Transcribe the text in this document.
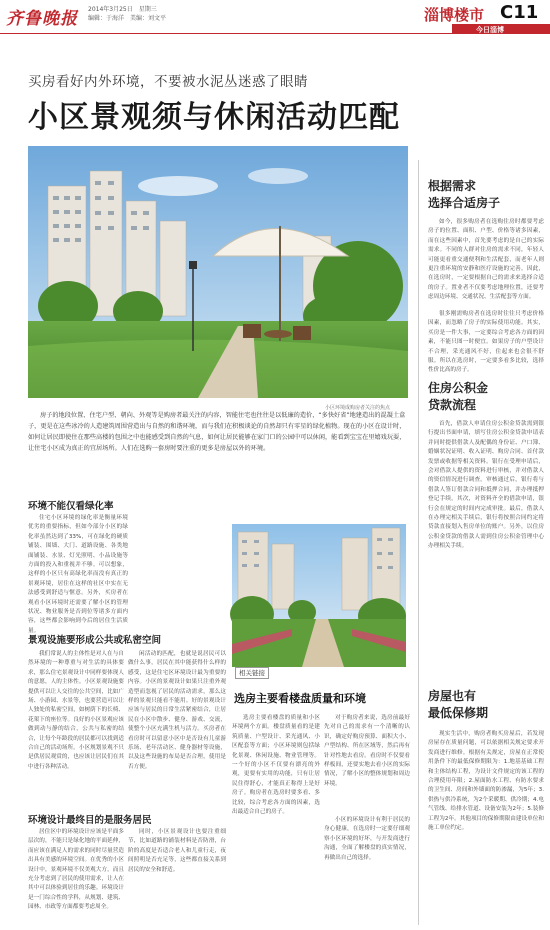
齐鲁晚报 2014年3月25日　星期三
编辑：于海洋　美编：刘文平	淄博楼市 C11
今日淄博
买房看好内外环境，不要被水泥丛迷惑了眼睛
小区景观须与休闲活动匹配
小区环境成购房者关注的焦点
房子的地段位置、住宅户型、朝向、外观等是购房者最关注的内容，智能住宅也往往是以低廉的造价，“多快好省”地建造出的混凝土盒子，更是在这些冰冷的人造建筑周围营造出与自然的和谐环境，而与我们在积极谈论的自然却只有零星的绿化植物。现在的小区在设计时，如何让居民即使住在那些高楼的包围之中也能感受到自然的气息，如何让居民能够在家门口的公园中可以休闲，能看到宝宝在里嬉戏玩耍，让住宅小区成为真正的宜居场所。人们在选购一套房时要注重的更多是房屋以外的环境。
环境不能仅看绿化率

住宅小区环境的绿化率是衡量环境优劣的重要指标，但如今部分小区的绿化率虽然达到了33%，可在绿化的硬质铺装、围墙、大门、道路设施、各类地面铺装、水景、灯光照明、小品设施等方面的投入和重视并不够。可以想象，这样的小区只有高绿化率而没有真正的景观环境，居住在这样的社区中实在无法感受到舒适与惬意。另外，买房者在观看小区环境时还需要了解小区的管理状况、物业服务是否到位等诸多方面内容，这些都会影响到今后的居住生活质量。

景观设施要形成公共或私密空间

我们常说人的主体性是对人在与自然环境的一种尊重与对生活的具体要求，那么住宅景观设计中同样要体现人的意愿，人的主体性。小区景观设施要提供可以让人交往的公共空间，比如广场、小游园、水景等，也要营造可以让人独处的私密空间，如树荫下的长椅、花架下的座位等。良好的小区景观应该做到动与静的结合，公共与私密的结合，让每个年龄段的居民都可以找到适合自己的活动场所。小区规划景观不只是供居民观赏的，也应该让居民们在其中进行各种活动。

环境设计最终目的是服务居民

居住区中的环境设计应该是平面多层次的，不能只是绿化地的平面延伸，而应该在满足人的需求的同时尽量营造出具有美感的环境空间。在优秀的小区设计中，景观环境不仅美观大方，而且充分考虑到了居民的使用需求，让人在其中可以体验到居住的乐趣。环境设计是一门综合性的学科，从规划、建筑、园林、市政等方面都要考虑周全。

闲活动的匹配，也就是说居民可以做什么事，居民在其中能获得什么样的感受，这是住宅区环境设计最为重要的内容。小区的景观设计如果只注重外观造型而忽视了居民的活动需求，那么这样的景观只能看不能用。好的景观设计应该与居民的日常生活紧密结合，让居民在小区中散步、健身、游戏、交流，使整个小区充满生机与活力。买房者在看房时可以留意小区中是否设有儿童游乐场、老年活动区、健身器材等设施，以及这些设施的布局是否合理，使用是否方便。

同时，小区景观设计也要注重细节，比如道路的铺装材料是否防滑，台阶的高度是否适合老人和儿童行走，夜间照明是否充足等，这些都直接关系到居民的安全和舒适。

相关链接
选房主要看楼盘质量和环境

选房主要看楼盘的质量和小区环境两个方面。楼盘质量看的是建筑质量、户型设计、采光通风、小区配套等方面；小区环境则包括绿化景观、休闲设施、物业管理等。一个好的小区不仅要有漂亮的外观，更要有实用的功能，只有让居民住得舒心，才能真正称得上是好房子。购房者在选房时要多看、多比较，综合考虑各方面的因素，选出最适合自己的房子。

对于购房者来说，选房前最好先对自己的需求有一个清晰的认识，确定好购房预算、面积大小、户型结构、所在区域等，然后再有针对性地去看房。看房时不仅要看样板间，还要实地去看小区的实际情况，了解小区的整体规划和周边环境。

小区的环境设计有利于居民的身心健康，在选房时一定要仔细观察小区环境的好坏，与开发商进行沟通，全面了解楼盘的真实情况，再做出自己的选择。

根据需求
选择合适房子

如今，很多购房者在选购住房时都要考虑房子的位置、面积、户型、价格等诸多因素，而在这些因素中，首先要考虑的是自己的实际需求。不同的人群对住房的需求不同，年轻人可能更看重交通便利和生活配套，而老年人则更注重环境的安静和医疗设施的完善。因此，在选房时，一定要根据自己的需求来选择合适的房子。置业者不仅要考虑地理位置，还要考虑周边环境、交通状况、生活配套等方面。

很多刚需购房者在选房时往往只考虑价格因素，而忽略了房子的实际使用功能。其实，买房是一件大事，一定要综合考虑各方面的因素，不能只图一时便宜。如果房子的户型设计不合理，采光通风不好，住起来也会很不舒服。所以在选房时，一定要多看多比较，选择性价比高的房子。

住房公积金
贷款流程

首先，借款人申请住房公积金贷款需到银行提出书面申请，填写住房公积金贷款申请表并同时提供借款人及配偶的身份证、户口簿、婚姻状况证明、收入证明、购房合同、首付款发票或收据等相关资料。银行在受理申请后，会对借款人提供的资料进行审核，并对借款人的资信情况进行调查。审核通过后，银行将与借款人签订借款合同和抵押合同，并办理抵押登记手续。其次，对资料齐全的借款申请，银行会在规定的时间内完成审批。最后，借款人在办理完相关手续后，银行将按照合同约定将贷款直接划入售房单位的账户。另外，以住房公积金贷款的借款人需到住房公积金管理中心办理相关手续。

房屋也有
最低保修期

现实生活中，购房者购买房屋后，若发现房屋存在质量问题，可以依据相关规定要求开发商进行维修。根据有关规定，房屋在正常使用条件下的最低保修期限为：1.地基基础工程和主体结构工程，为设计文件规定的该工程的合理使用年限；2.屋面防水工程、有防水要求的卫生间、房间和外墙面的防渗漏，为5年；3.供热与供冷系统，为2个采暖期、供冷期；4.电气管线、给排水管道、设备安装为2年；5.装修工程为2年。其他项目的保修期限由建设单位和施工单位约定。
